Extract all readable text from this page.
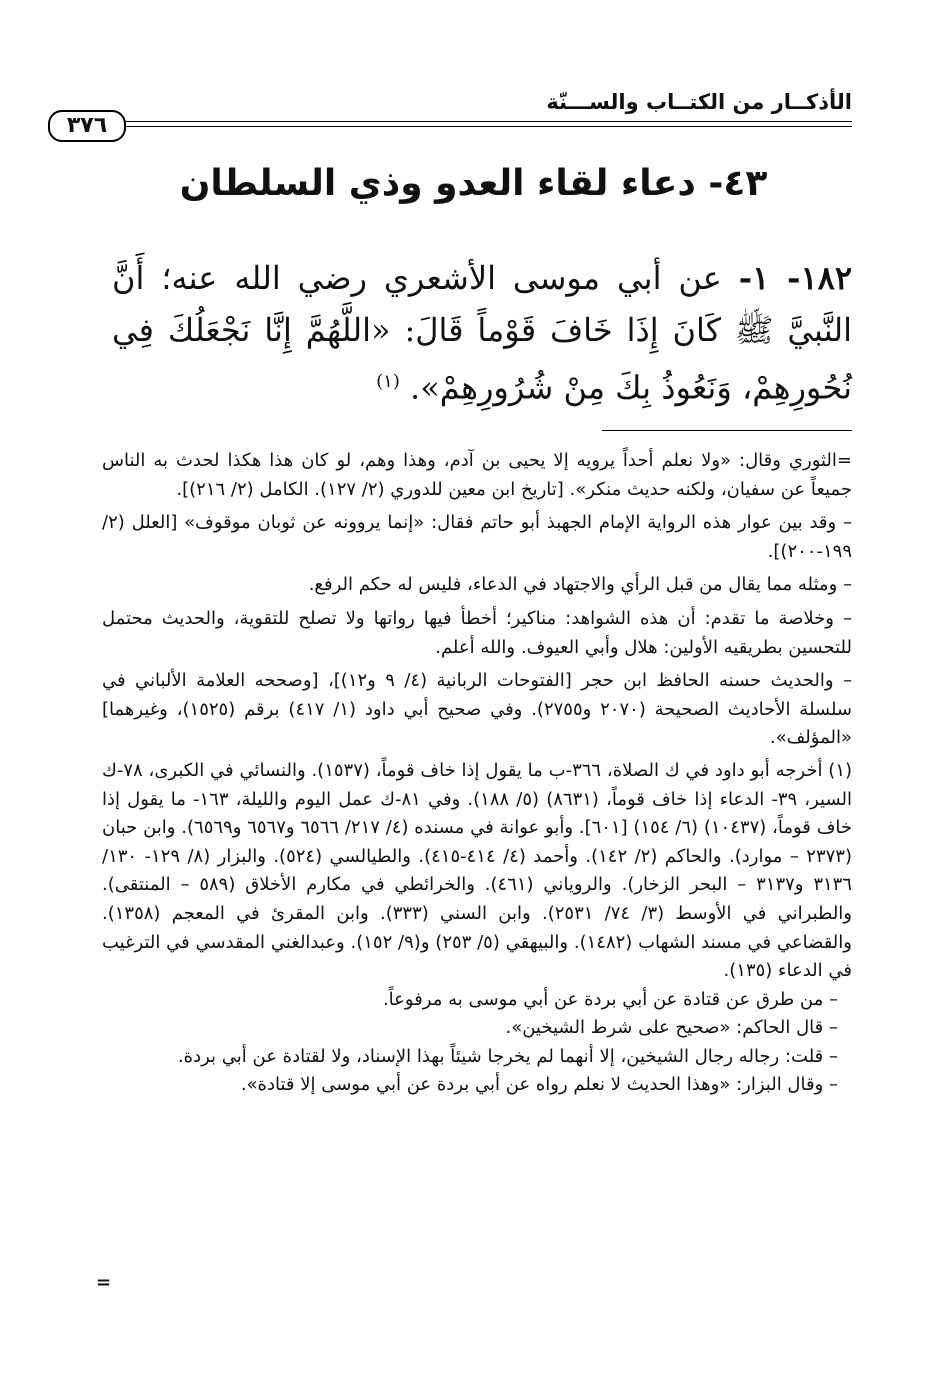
الأذكــار من الكتــاب والســـنّة
٣٧٦
٤٣- دعاء لقاء العدو وذي السلطان
١٨٢- ١- عن أبي موسى الأشعري رضي الله عنه؛ أَنَّ النَّبيَّ ﷺ كَانَ إِذَا خَافَ قَوْماً قَالَ: «اللَّهُمَّ إِنَّا نَجْعَلُكَ فِي نُحُورِهِمْ، وَنَعُوذُ بِكَ مِنْ شُرُورِهِمْ». $^{(١)}$

=الثوري وقال: «ولا نعلم أحداً يرويه إلا يحيى بن آدم، وهذا وهم، لو كان هذا هكذا لحدث به الناس جميعاً عن سفيان، ولكنه حديث منكر». [تاريخ ابن معين للدوري (٢/ ١٢٧). الكامل (٢/ ٢١٦)].

– وقد بين عوار هذه الرواية الإمام الجهبذ أبو حاتم فقال: «إنما يروونه عن ثوبان موقوف» [العلل (٢/ ١٩٩-٢٠٠)].

– ومثله مما يقال من قبل الرأي والاجتهاد في الدعاء، فليس له حكم الرفع.

– وخلاصة ما تقدم: أن هذه الشواهد: مناكير؛ أخطأ فيها رواتها ولا تصلح للتقوية، والحديث محتمل للتحسين بطريقيه الأولين: هلال وأبي العيوف. والله أعلم.

– والحديث حسنه الحافظ ابن حجر [الفتوحات الربانية (٤/ ٩ و١٢)]، [وصححه العلامة الألباني في سلسلة الأحاديث الصحيحة (٢٠٧٠ و٢٧٥٥). وفي صحيح أبي داود (١/ ٤١٧) برقم (١٥٢٥)، وغيرهما] «المؤلف».

(١) أخرجه أبو داود في ك الصلاة، ٣٦٦-ب ما يقول إذا خاف قوماً، (١٥٣٧). والنسائي في الكبرى، ٧٨-ك السير، ٣٩- الدعاء إذا خاف قوماً، (٨٦٣١) (٥/ ١٨٨). وفي ٨١-ك عمل اليوم والليلة، ١٦٣- ما يقول إذا خاف قوماً، (١٠٤٣٧) (٦/ ١٥٤) [٦٠١]. وأبو عوانة في مسنده (٤/ ٢١٧/ ٦٥٦٦ و٦٥٦٧ و٦٥٦٩). وابن حبان (٢٣٧٣ – موارد). والحاكم (٢/ ١٤٢). وأحمد (٤/ ٤١٤-٤١٥). والطيالسي (٥٢٤). والبزار (٨/ ١٢٩- ١٣٠/ ٣١٣٦ و٣١٣٧ – البحر الزخار). والروياني (٤٦١). والخرائطي في مكارم الأخلاق (٥٨٩ – المنتقى). والطبراني في الأوسط (٣/ ٧٤/ ٢٥٣١). وابن السني (٣٣٣). وابن المقرئ في المعجم (١٣٥٨). والقضاعي في مسند الشهاب (١٤٨٢). والبيهقي (٥/ ٢٥٣) و(٩/ ١٥٢). وعبدالغني المقدسي في الترغيب في الدعاء (١٣٥).

– من طرق عن قتادة عن أبي بردة عن أبي موسى به مرفوعاً.

– قال الحاكم: «صحيح على شرط الشيخين».

– قلت: رجاله رجال الشيخين، إلا أنهما لم يخرجا شيئاً بهذا الإسناد، ولا لقتادة عن أبي بردة.

– وقال البزار: «وهذا الحديث لا نعلم رواه عن أبي بردة عن أبي موسى إلا قتادة».

=
